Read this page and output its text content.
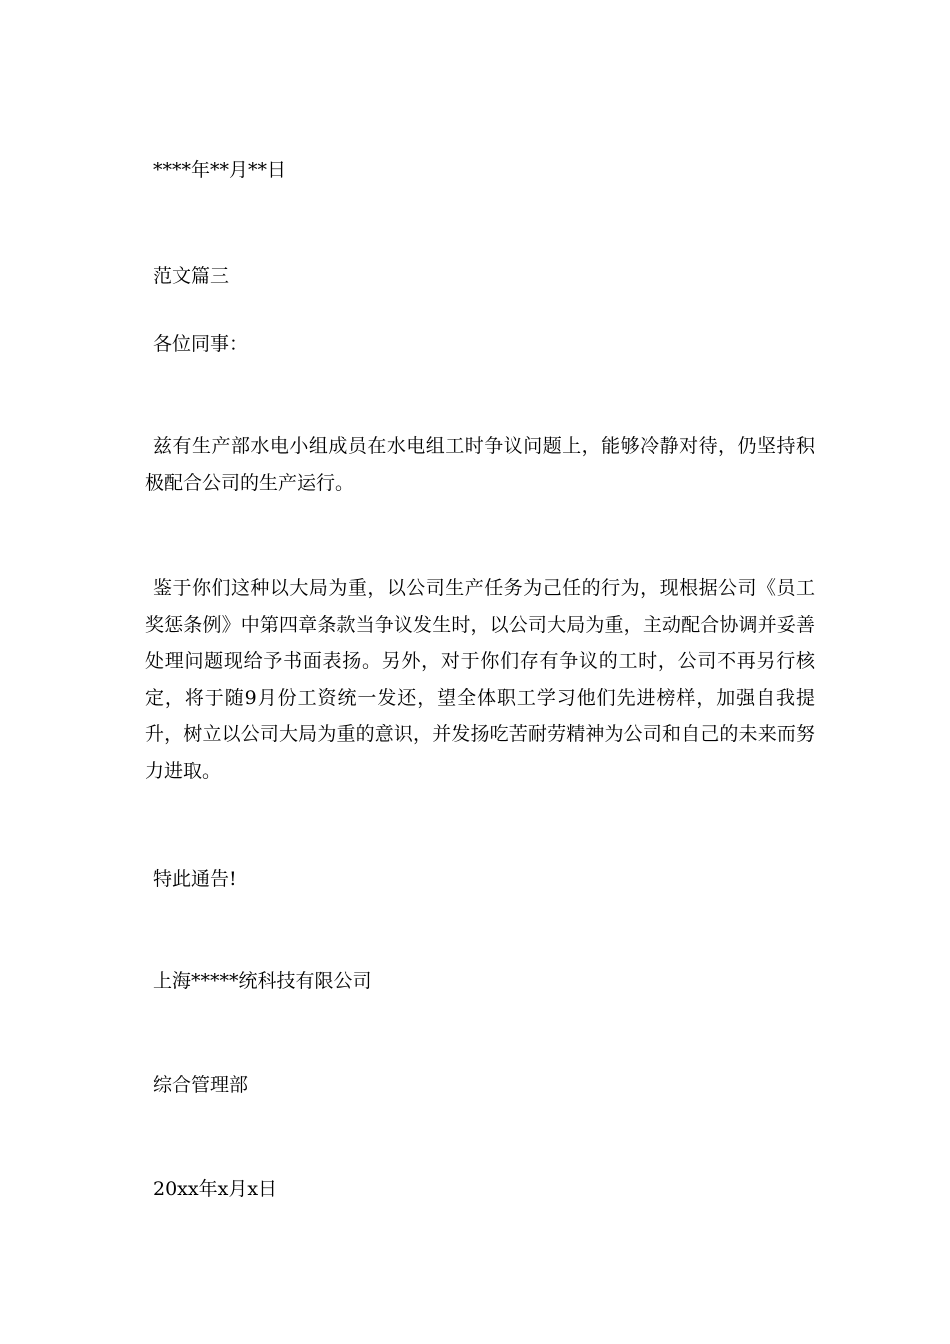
****年**月**日
范文篇三
各位同事：
兹有生产部水电小组成员在水电组工时争议问题上，能够冷静对待，仍坚持积极配合公司的生产运行。
鉴于你们这种以大局为重，以公司生产任务为己任的行为，现根据公司《员工奖惩条例》中第四章条款当争议发生时，以公司大局为重，主动配合协调并妥善处理问题现给予书面表扬。另外，对于你们存有争议的工时，公司不再另行核定，将于随9月份工资统一发还，望全体职工学习他们先进榜样，加强自我提升，树立以公司大局为重的意识，并发扬吃苦耐劳精神为公司和自己的未来而努力进取。
特此通告!
上海*****统科技有限公司
综合管理部
20xx年x月x日
